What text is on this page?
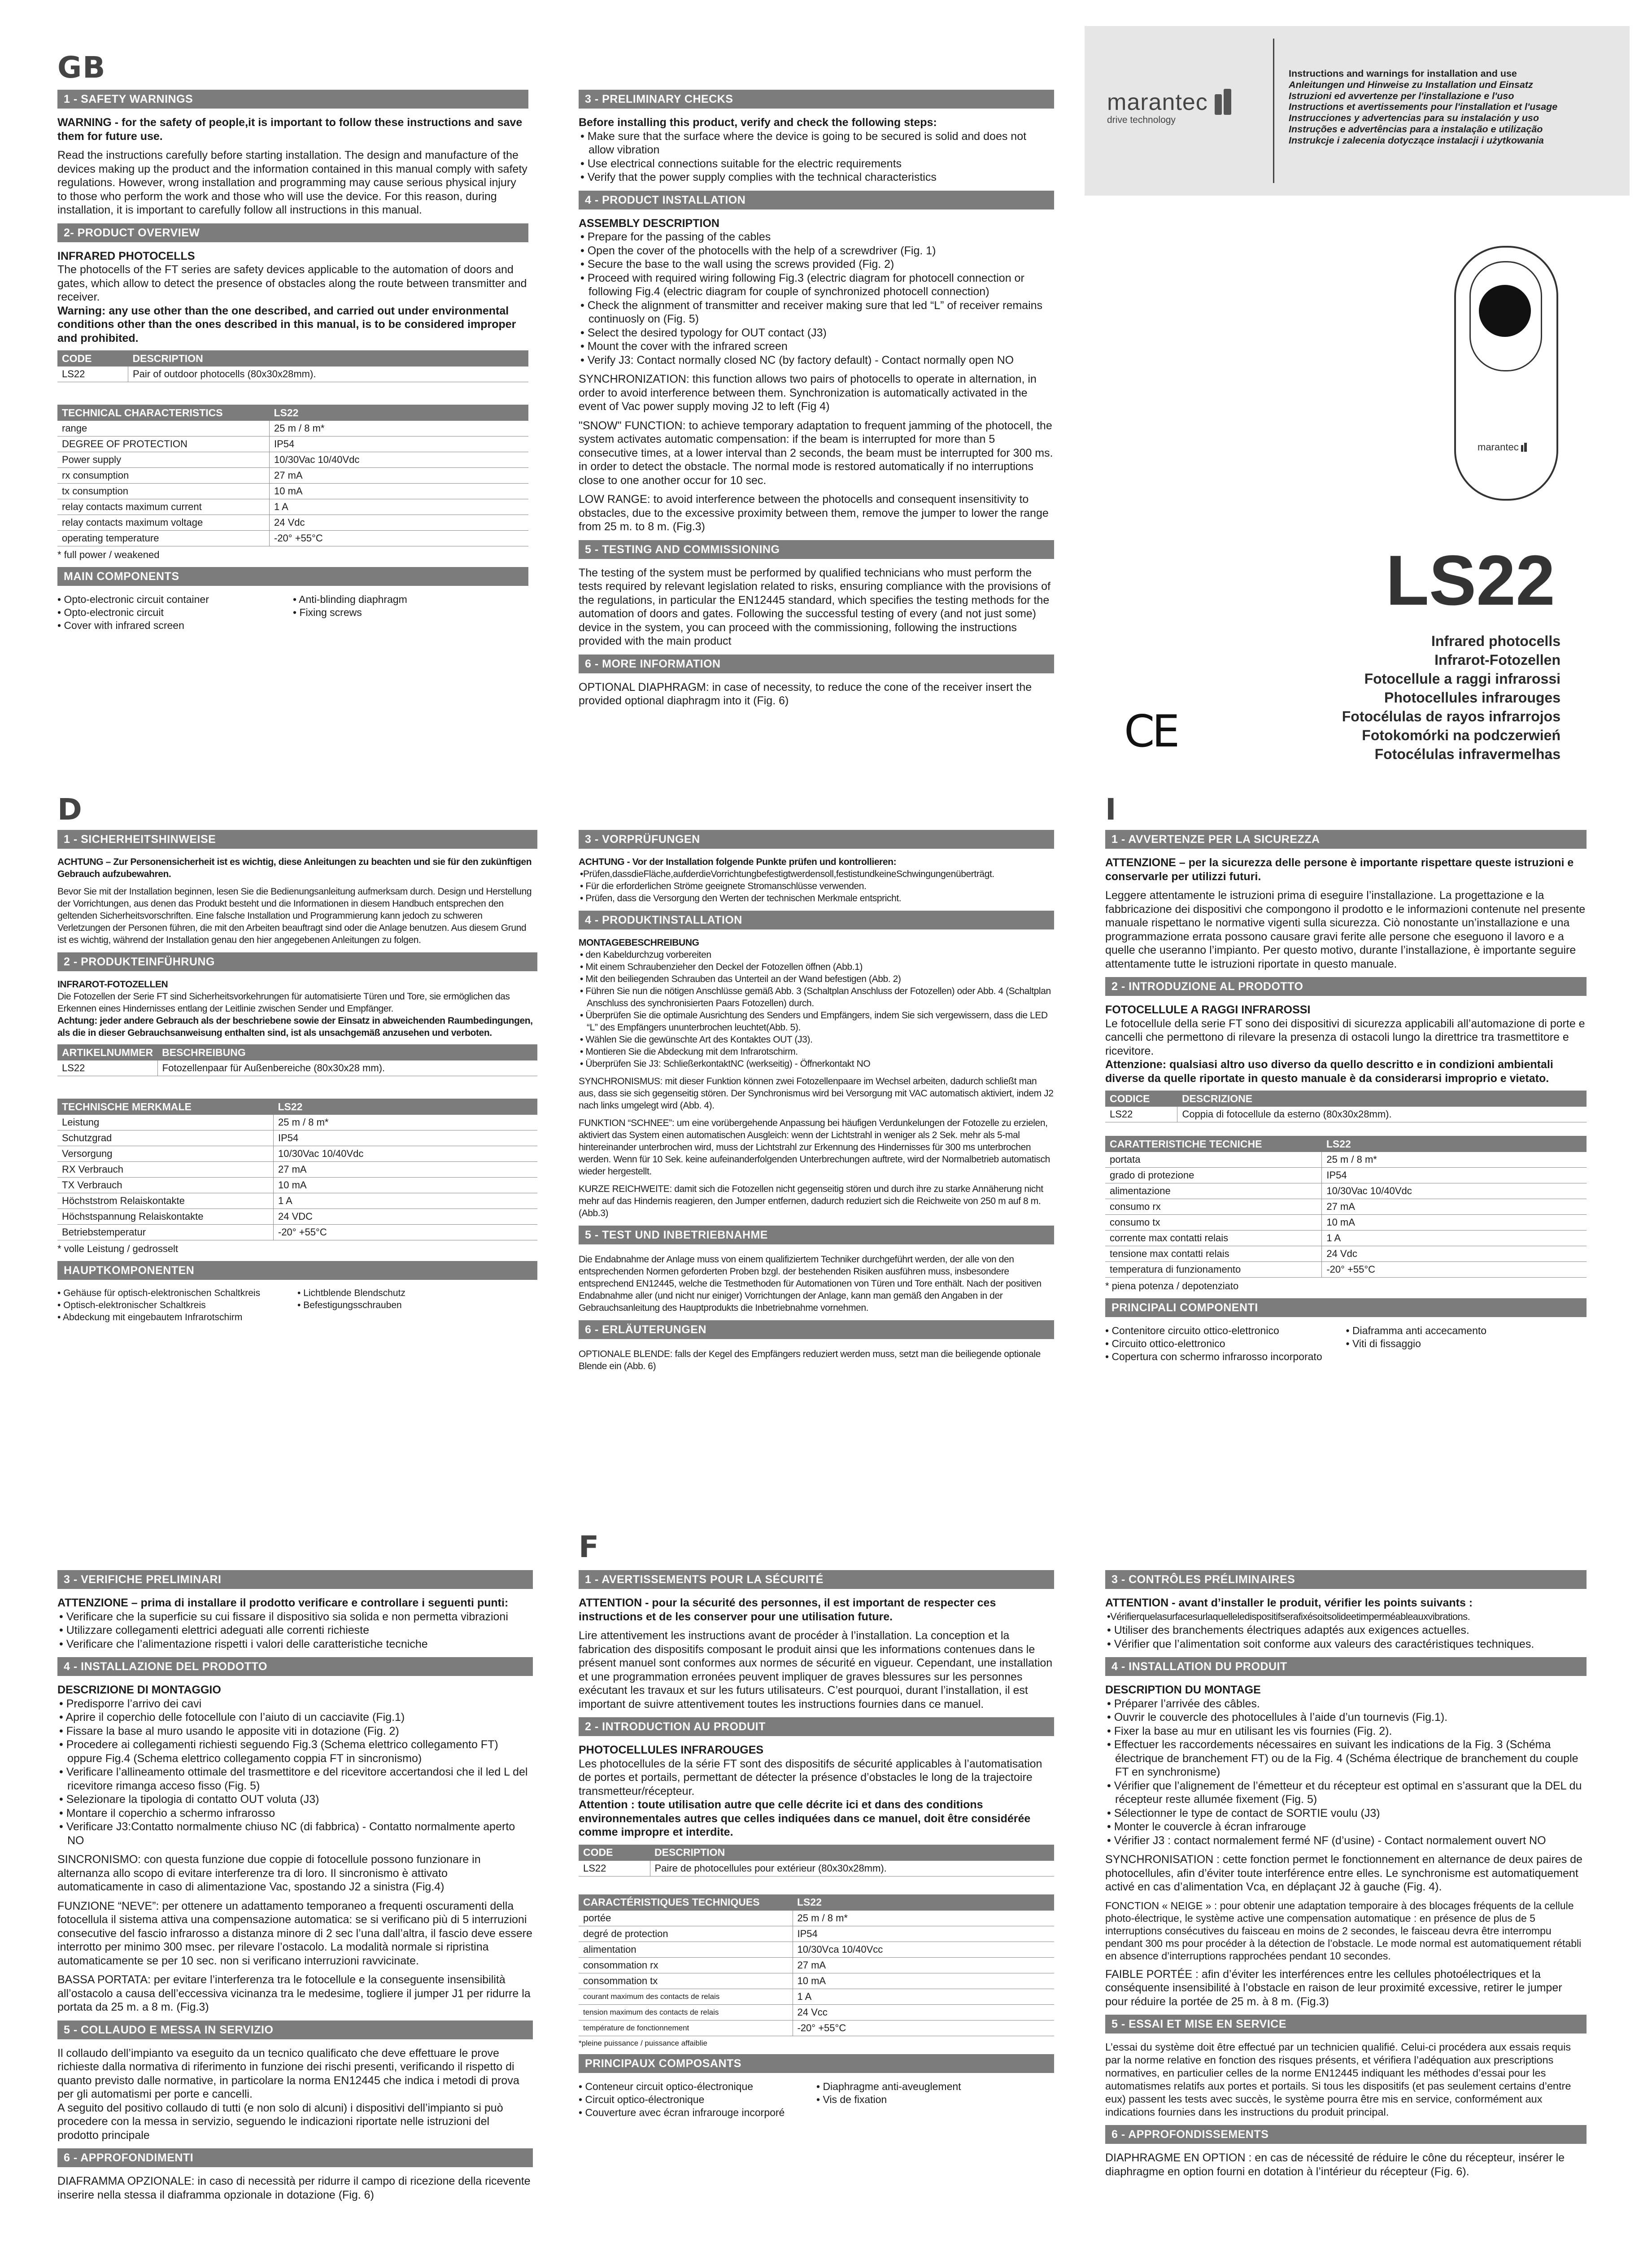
GB
1 - SAFETY WARNINGS

WARNING - for the safety of people,it is important to follow these instructions and save them for future use.

Read the instructions carefully before starting installation. The design and manufacture of the devices making up the product and the information contained in this manual comply with safety regulations. However, wrong installation and programming may cause serious physical injury to those who perform the work and those who will use the device. For this reason, during installation, it is important to carefully follow all instructions in this manual.

2- PRODUCT OVERVIEW

INFRARED PHOTOCELLS

The photocells of the FT series are safety devices applicable to the automation of doors and gates, which allow to detect the presence of obstacles along the route between transmitter and receiver.

Warning: any use other than the one described, and carried out under environmental conditions other than the ones described in this manual, is to be considered improper and prohibited.

CODE	DESCRIPTION
LS22	Pair of outdoor photocells (80x30x28mm).
TECHNICAL CHARACTERISTICS	LS22
range	25 m / 8 m*
DEGREE OF PROTECTION	IP54
Power supply	10/30Vac 10/40Vdc
rx consumption	27 mA
tx consumption	10 mA
relay contacts maximum current	1 A
relay contacts maximum voltage	24 Vdc
operating temperature	-20° +55°C
* full power / weakened
MAIN COMPONENTS
• Opto-electronic circuit container
• Opto-electronic circuit
• Cover with infrared screen
• Anti-blinding diaphragm
• Fixing screws
3 - PRELIMINARY CHECKS

Before installing this product, verify and check the following steps:

• Make sure that the surface where the device is going to be secured is solid and does not allow vibration

• Use electrical connections suitable for the electric requirements

• Verify that the power supply complies with the technical characteristics

4 - PRODUCT INSTALLATION

ASSEMBLY DESCRIPTION

• Prepare for the passing of the cables

• Open the cover of the photocells with the help of a screwdriver (Fig. 1)

• Secure the base to the wall using the screws provided (Fig. 2)

• Proceed with required wiring following Fig.3 (electric diagram for photocell connection or following Fig.4 (electric diagram for couple of synchronized photocell connection)

• Check the alignment of transmitter and receiver making sure that led “L” of receiver remains continuosly on (Fig. 5)

• Select the desired typology for OUT contact (J3)

• Mount the cover with the infrared screen

• Verify J3: Contact normally closed NC (by factory default) - Contact normally open NO

SYNCHRONIZATION: this function allows two pairs of photocells to operate in alternation, in order to avoid interference between them. Synchronization is automatically activated in the event of Vac power supply moving J2 to left (Fig 4)

"SNOW" FUNCTION: to achieve temporary adaptation to frequent jamming of the photocell, the system activates automatic compensation: if the beam is interrupted for more than 5 consecutive times, at a lower interval than 2 seconds, the beam must be interrupted for 300 ms. in order to detect the obstacle. The normal mode is restored automatically if no interruptions close to one another occur for 10 sec.

LOW RANGE: to avoid interference between the photocells and consequent insensitivity to obstacles, due to the excessive proximity between them, remove the jumper to lower the range from 25 m. to 8 m. (Fig.3)

5 - TESTING AND COMMISSIONING

The testing of the system must be performed by qualified technicians who must perform the tests required by relevant legislation related to risks, ensuring compliance with the provisions of the regulations, in particular the EN12445 standard, which specifies the testing methods for the automation of doors and gates. Following the successful testing of every (and not just some) device in the system, you can proceed with the commissioning, following the instructions provided with the main product

6 - MORE INFORMATION

OPTIONAL DIAPHRAGM: in case of necessity, to reduce the cone of the receiver insert the provided optional diaphragm into it (Fig. 6)

marantec
drive technology
Instructions and warnings for installation and use
Anleitungen und Hinweise zu Installation und Einsatz
Istruzioni ed avvertenze per l'installazione e l'uso
Instructions et avertissements pour l'installation et l'usage
Instrucciones y advertencias para su instalación y uso
Instruções e advertências para a instalação e utilização
Instrukcje i zalecenia dotyczące instalacji i użytkowania
marantec
LS22
Infrared photocells
Infrarot-Fotozellen
Fotocellule a raggi infrarossi
Photocellules infrarouges
Fotocélulas de rayos infrarrojos
Fotokomórki na podczerwień
Fotocélulas infravermelhas
CE
D
1 - SICHERHEITSHINWEISE

ACHTUNG – Zur Personensicherheit ist es wichtig, diese Anleitungen zu beachten und sie für den zukünftigen Gebrauch aufzubewahren.

Bevor Sie mit der Installation beginnen, lesen Sie die Bedienungsanleitung aufmerksam durch. Design und Herstellung der Vorrichtungen, aus denen das Produkt besteht und die Informationen in diesem Handbuch entsprechen den geltenden Sicherheitsvorschriften. Eine falsche Installation und Programmierung kann jedoch zu schweren Verletzungen der Personen führen, die mit den Arbeiten beauftragt sind oder die Anlage benutzen. Aus diesem Grund ist es wichtig, während der Installation genau den hier angegebenen Anleitungen zu folgen.

2 - PRODUKTEINFÜHRUNG

INFRAROT-FOTOZELLEN

Die Fotozellen der Serie FT sind Sicherheitsvorkehrungen für automatisierte Türen und Tore, sie ermöglichen das Erkennen eines Hindernisses entlang der Leitlinie zwischen Sender und Empfänger.

Achtung: jeder andere Gebrauch als der beschriebene sowie der Einsatz in abweichenden Raumbedingungen, als die in dieser Gebrauchsanweisung enthalten sind, ist als unsachgemäß anzusehen und verboten.

ARTIKELNUMMER	BESCHREIBUNG
LS22	Fotozellenpaar für Außenbereiche (80x30x28 mm).
TECHNISCHE MERKMALE	LS22
Leistung	25 m / 8 m*
Schutzgrad	IP54
Versorgung	10/30Vac 10/40Vdc
RX Verbrauch	27 mA
TX Verbrauch	10 mA
Höchststrom Relaiskontakte	1 A
Höchstspannung Relaiskontakte	24 VDC
Betriebstemperatur	-20° +55°C
* volle Leistung / gedrosselt
HAUPTKOMPONENTEN
• Gehäuse für optisch-elektronischen Schaltkreis
• Optisch-elektronischer Schaltkreis
• Abdeckung mit eingebautem Infrarotschirm
• Lichtblende Blendschutz
• Befestigungsschrauben
3 - VORPRÜFUNGEN

ACHTUNG - Vor der Installation folgende Punkte prüfen und kontrollieren:

•Prüfen,dassdieFläche,aufderdieVorrichtungbefestigtwerdensoll,festistundkeineSchwingungenüberträgt.

• Für die erforderlichen Ströme geeignete Stromanschlüsse verwenden.

• Prüfen, dass die Versorgung den Werten der technischen Merkmale entspricht.

4 - PRODUKTINSTALLATION

MONTAGEBESCHREIBUNG

• den Kabeldurchzug vorbereiten

• Mit einem Schraubenzieher den Deckel der Fotozellen öffnen (Abb.1)

• Mit den beiliegenden Schrauben das Unterteil an der Wand befestigen (Abb. 2)

• Führen Sie nun die nötigen Anschlüsse gemäß Abb. 3 (Schaltplan Anschluss der Fotozellen) oder Abb. 4 (Schaltplan Anschluss des synchronisierten Paars Fotozellen) durch.

• Überprüfen Sie die optimale Ausrichtung des Senders und Empfängers, indem Sie sich vergewissern, dass die LED “L” des Empfängers ununterbrochen leuchtet(Abb. 5).

• Wählen Sie die gewünschte Art des Kontaktes OUT (J3).

• Montieren Sie die Abdeckung mit dem Infrarotschirm.

• Überprüfen Sie J3: SchließerkontaktNC (werkseitig) - Öffnerkontakt NO

SYNCHRONISMUS: mit dieser Funktion können zwei Fotozellenpaare im Wechsel arbeiten, dadurch schließt man aus, dass sie sich gegenseitig stören. Der Synchronismus wird bei Versorgung mit VAC automatisch aktiviert, indem J2 nach links umgelegt wird (Abb. 4).

FUNKTION “SCHNEE”: um eine vorübergehende Anpassung bei häufigen Verdunkelungen der Fotozelle zu erzielen, aktiviert das System einen automatischen Ausgleich: wenn der Lichtstrahl in weniger als 2 Sek. mehr als 5-mal hintereinander unterbrochen wird, muss der Lichtstrahl zur Erkennung des Hindernisses für 300 ms unterbrochen werden. Wenn für 10 Sek. keine aufeinanderfolgenden Unterbrechungen auftrete, wird der Normalbetrieb automatisch wieder hergestellt.

KURZE REICHWEITE: damit sich die Fotozellen nicht gegenseitig stören und durch ihre zu starke Annäherung nicht mehr auf das Hindernis reagieren, den Jumper entfernen, dadurch reduziert sich die Reichweite von 250 m auf 8 m. (Abb.3)

5 - TEST UND INBETRIEBNAHME

Die Endabnahme der Anlage muss von einem qualifiziertem Techniker durchgeführt werden, der alle von den entsprechenden Normen geforderten Proben bzgl. der bestehenden Risiken ausführen muss, insbesondere entsprechend EN12445, welche die Testmethoden für Automationen von Türen und Tore enthält. Nach der positiven Endabnahme aller (und nicht nur einiger) Vorrichtungen der Anlage, kann man gemäß den Angaben in der Gebrauchsanleitung des Hauptprodukts die Inbetriebnahme vornehmen.

6 - ERLÄUTERUNGEN

OPTIONALE BLENDE: falls der Kegel des Empfängers reduziert werden muss, setzt man die beiliegende optionale Blende ein (Abb. 6)

I
1 - AVVERTENZE PER LA SICUREZZA

ATTENZIONE – per la sicurezza delle persone è importante rispettare queste istruzioni e conservarle per utilizzi futuri.

Leggere attentamente le istruzioni prima di eseguire l’installazione. La progettazione e la fabbricazione dei dispositivi che compongono il prodotto e le informazioni contenute nel presente manuale rispettano le normative vigenti sulla sicurezza. Ciò nonostante un’installazione e una programmazione errata possono causare gravi ferite alle persone che eseguono il lavoro e a quelle che useranno l’impianto. Per questo motivo, durante l’installazione, è importante seguire attentamente tutte le istruzioni riportate in questo manuale.

2 - INTRODUZIONE AL PRODOTTO

FOTOCELLULE A RAGGI INFRAROSSI

Le fotocellule della serie FT sono dei dispositivi di sicurezza applicabili all’automazione di porte e cancelli che permettono di rilevare la presenza di ostacoli lungo la direttrice tra trasmettitore e ricevitore.

Attenzione: qualsiasi altro uso diverso da quello descritto e in condizioni ambientali diverse da quelle riportate in questo manuale è da considerarsi improprio e vietato.

CODICE	DESCRIZIONE
LS22	Coppia di fotocellule da esterno (80x30x28mm).
CARATTERISTICHE TECNICHE	LS22
portata	25 m / 8 m*
grado di protezione	IP54
alimentazione	10/30Vac 10/40Vdc
consumo rx	27 mA
consumo tx	10 mA
corrente max contatti relais	1 A
tensione max contatti relais	24 Vdc
temperatura di funzionamento	-20° +55°C
* piena potenza / depotenziato
PRINCIPALI COMPONENTI
• Contenitore circuito ottico-elettronico
• Circuito ottico-elettronico
• Copertura con schermo infrarosso incorporato
• Diaframma anti accecamento
• Viti di fissaggio
3 - VERIFICHE PRELIMINARI

ATTENZIONE – prima di installare il prodotto verificare e controllare i seguenti punti:

• Verificare che la superficie su cui fissare il dispositivo sia solida e non permetta vibrazioni

• Utilizzare collegamenti elettrici adeguati alle correnti richieste

• Verificare che l’alimentazione rispetti i valori delle caratteristiche tecniche

4 - INSTALLAZIONE DEL PRODOTTO

DESCRIZIONE DI MONTAGGIO

• Predisporre l’arrivo dei cavi

• Aprire il coperchio delle fotocellule con l’aiuto di un cacciavite (Fig.1)

• Fissare la base al muro usando le apposite viti in dotazione (Fig. 2)

• Procedere ai collegamenti richiesti seguendo Fig.3 (Schema elettrico collegamento FT) oppure Fig.4 (Schema elettrico collegamento coppia FT in sincronismo)

• Verificare l’allineamento ottimale del trasmettitore e del ricevitore accertandosi che il led L del ricevitore rimanga acceso fisso (Fig. 5)

• Selezionare la tipologia di contatto OUT voluta (J3)

• Montare il coperchio a schermo infrarosso

• Verificare J3:Contatto normalmente chiuso NC (di fabbrica) - Contatto normalmente aperto NO

SINCRONISMO: con questa funzione due coppie di fotocellule possono funzionare in alternanza allo scopo di evitare interferenze tra di loro. Il sincronismo è attivato automaticamente in caso di alimentazione Vac, spostando J2 a sinistra (Fig.4)

FUNZIONE “NEVE”: per ottenere un adattamento temporaneo a frequenti oscuramenti della fotocellula il sistema attiva una compensazione automatica: se si verificano più di 5 interruzioni consecutive del fascio infrarosso a distanza minore di 2 sec l’una dall’altra, il fascio deve essere interrotto per minimo 300 msec. per rilevare l’ostacolo. La modalità normale si ripristina automaticamente se per 10 sec. non si verificano interruzioni ravvicinate.

BASSA PORTATA: per evitare l’interferenza tra le fotocellule e la conseguente insensibilità all’ostacolo a causa dell’eccessiva vicinanza tra le medesime, togliere il jumper J1 per ridurre la portata da 25 m. a 8 m. (Fig.3)

5 - COLLAUDO E MESSA IN SERVIZIO

Il collaudo dell’impianto va eseguito da un tecnico qualificato che deve effettuare le prove richieste dalla normativa di riferimento in funzione dei rischi presenti, verificando il rispetto di quanto previsto dalle normative, in particolare la norma EN12445 che indica i metodi di prova per gli automatismi per porte e cancelli.
A seguito del positivo collaudo di tutti (e non solo di alcuni) i dispositivi dell’impianto si può procedere con la messa in servizio, seguendo le indicazioni riportate nelle istruzioni del prodotto principale

6 - APPROFONDIMENTI

DIAFRAMMA OPZIONALE: in caso di necessità per ridurre il campo di ricezione della ricevente inserire nella stessa il diaframma opzionale in dotazione (Fig. 6)

F
1 - AVERTISSEMENTS POUR LA SÉCURITÉ

ATTENTION - pour la sécurité des personnes, il est important de respecter ces instructions et de les conserver pour une utilisation future.

Lire attentivement les instructions avant de procéder à l’installation. La conception et la fabrication des dispositifs composant le produit ainsi que les informations contenues dans le présent manuel sont conformes aux normes de sécurité en vigueur. Cependant, une installation et une programmation erronées peuvent impliquer de graves blessures sur les personnes exécutant les travaux et sur les futurs utilisateurs. C’est pourquoi, durant l’installation, il est important de suivre attentivement toutes les instructions fournies dans ce manuel.

2 - INTRODUCTION AU PRODUIT

PHOTOCELLULES INFRAROUGES

Les photocellules de la série FT sont des dispositifs de sécurité applicables à l’automatisation de portes et portails, permettant de détecter la présence d’obstacles le long de la trajectoire transmetteur/récepteur.

Attention : toute utilisation autre que celle décrite ici et dans des conditions environnementales autres que celles indiquées dans ce manuel, doit être considérée comme impropre et interdite.

CODE	DESCRIPTION
LS22	Paire de photocellules pour extérieur (80x30x28mm).
CARACTÉRISTIQUES TECHNIQUES	LS22
portée	25 m / 8 m*
degré de protection	IP54
alimentation	10/30Vca 10/40Vcc
consommation rx	27 mA
consommation tx	10 mA
courant maximum des contacts de relais	1 A
tension maximum des contacts de relais	24 Vcc
température de fonctionnement	-20° +55°C
*pleine puissance / puissance affaiblie
PRINCIPAUX COMPOSANTS
• Conteneur circuit optico-électronique
• Circuit optico-électronique
• Couverture avec écran infrarouge incorporé
• Diaphragme anti-aveuglement
• Vis de fixation
3 - CONTRÔLES PRÉLIMINAIRES

ATTENTION - avant d’installer le produit, vérifier les points suivants :

•Vérifierquelasurfacesurlaquelleledispositifserafixésoitsolideetimperméableauxvibrations.

• Utiliser des branchements électriques adaptés aux exigences actuelles.

• Vérifier que l’alimentation soit conforme aux valeurs des caractéristiques techniques.

4 - INSTALLATION DU PRODUIT

DESCRIPTION DU MONTAGE

• Préparer l’arrivée des câbles.

• Ouvrir le couvercle des photocellules à l’aide d’un tournevis (Fig.1).

• Fixer la base au mur en utilisant les vis fournies (Fig. 2).

• Effectuer les raccordements nécessaires en suivant les indications de la Fig. 3 (Schéma électrique de branchement FT) ou de la Fig. 4 (Schéma électrique de branchement du couple FT en synchronisme)

• Vérifier que l’alignement de l’émetteur et du récepteur est optimal en s’assurant que la DEL du récepteur reste allumée fixement (Fig. 5)

• Sélectionner le type de contact de SORTIE voulu (J3)

• Monter le couvercle à écran infrarouge

• Vérifier J3 : contact normalement fermé NF (d’usine) - Contact normalement ouvert NO

SYNCHRONISATION : cette fonction permet le fonctionnement en alternance de deux paires de photocellules, afin d’éviter toute interférence entre elles. Le synchronisme est automatiquement activé en cas d’alimentation Vca, en déplaçant J2 à gauche (Fig. 4).

FONCTION « NEIGE » : pour obtenir une adaptation temporaire à des blocages fréquents de la cellule photo-électrique, le système active une compensation automatique : en présence de plus de 5 interruptions consécutives du faisceau en moins de 2 secondes, le faisceau devra être interrompu pendant 300 ms pour procéder à la détection de l’obstacle. Le mode normal est automatiquement rétabli en absence d’interruptions rapprochées pendant 10 secondes.

FAIBLE PORTÉE : afin d’éviter les interférences entre les cellules photoélectriques et la conséquente insensibilité à l’obstacle en raison de leur proximité excessive, retirer le jumper pour réduire la portée de 25 m. à 8 m. (Fig.3)

5 - ESSAI ET MISE EN SERVICE

L’essai du système doit être effectué par un technicien qualifié. Celui-ci procédera aux essais requis par la norme relative en fonction des risques présents, et vérifiera l’adéquation aux prescriptions normatives, en particulier celles de la norme EN12445 indiquant les méthodes d’essai pour les automatismes relatifs aux portes et portails. Si tous les dispositifs (et pas seulement certains d’entre eux) passent les tests avec succès, le système pourra être mis en service, conformément aux indications fournies dans les instructions du produit principal.

6 - APPROFONDISSEMENTS

DIAPHRAGME EN OPTION : en cas de nécessité de réduire le cône du récepteur, insérer le diaphragme en option fourni en dotation à l’intérieur du récepteur (Fig. 6).
